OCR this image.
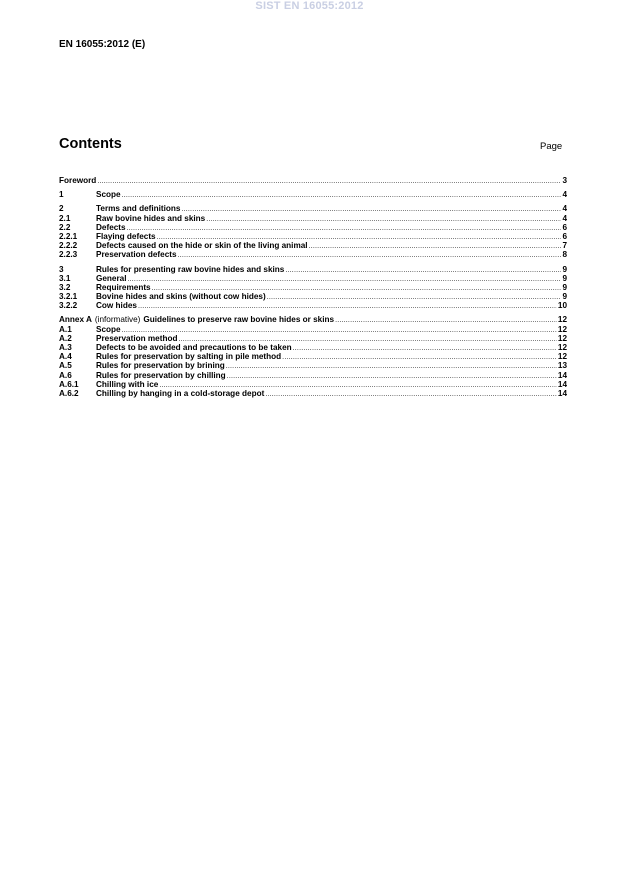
SIST EN 16055:2012
EN 16055:2012 (E)
Contents	Page
Foreword .....	3
1	Scope .....	4
2	Terms and definitions .....	4
2.1	Raw bovine hides and skins .....	4
2.2	Defects .....	6
2.2.1	Flaying defects .....	6
2.2.2	Defects caused on the hide or skin of the living animal .....	7
2.2.3	Preservation defects .....	8
3	Rules for presenting raw bovine hides and skins .....	9
3.1	General .....	9
3.2	Requirements .....	9
3.2.1	Bovine hides and skins (without cow hides) .....	9
3.2.2	Cow hides .....	10
Annex A (informative) Guidelines to preserve raw bovine hides or skins .....	12
A.1	Scope .....	12
A.2	Preservation method .....	12
A.3	Defects to be avoided and precautions to be taken .....	12
A.4	Rules for preservation by salting in pile method .....	12
A.5	Rules for preservation by brining .....	13
A.6	Rules for preservation by chilling .....	14
A.6.1	Chilling with ice .....	14
A.6.2	Chilling by hanging in a cold-storage depot .....	14
